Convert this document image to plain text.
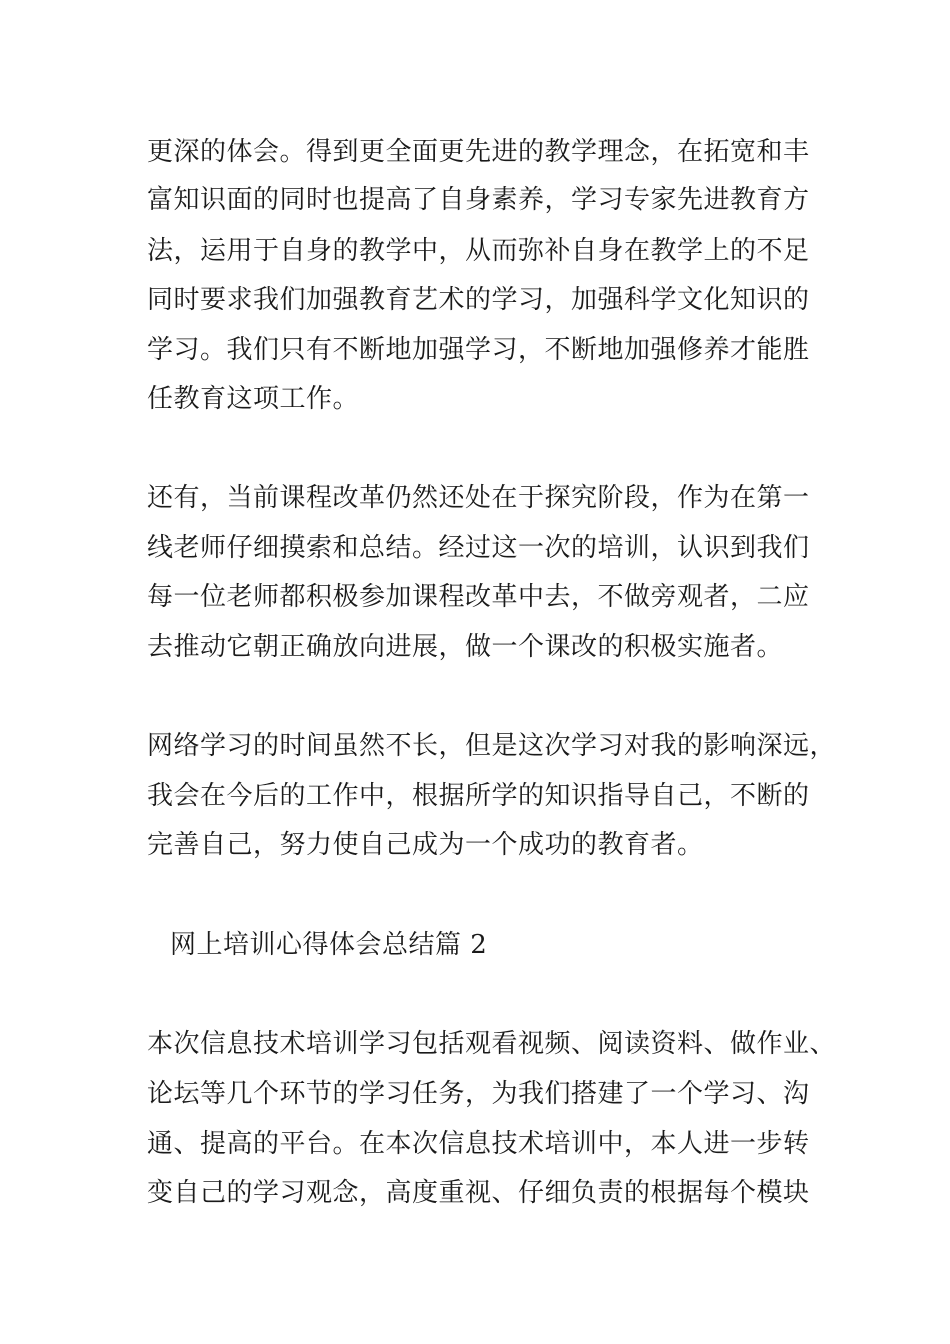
更深的体会。得到更全面更先进的教学理念，在拓宽和丰

富知识面的同时也提高了自身素养，学习专家先进教育方

法，运用于自身的教学中，从而弥补自身在教学上的不足

同时要求我们加强教育艺术的学习，加强科学文化知识的

学习。我们只有不断地加强学习，不断地加强修养才能胜

任教育这项工作。

还有，当前课程改革仍然还处在于探究阶段，作为在第一

线老师仔细摸索和总结。经过这一次的培训，认识到我们

每一位老师都积极参加课程改革中去，不做旁观者，二应

去推动它朝正确放向进展，做一个课改的积极实施者。

网络学习的时间虽然不长，但是这次学习对我的影响深远，

我会在今后的工作中，根据所学的知识指导自己，不断的

完善自己，努力使自己成为一个成功的教育者。

网上培训心得体会总结篇 2

本次信息技术培训学习包括观看视频、阅读资料、做作业、

论坛等几个环节的学习任务，为我们搭建了一个学习、沟

通、提高的平台。在本次信息技术培训中，本人进一步转

变自己的学习观念，高度重视、仔细负责的根据每个模块
